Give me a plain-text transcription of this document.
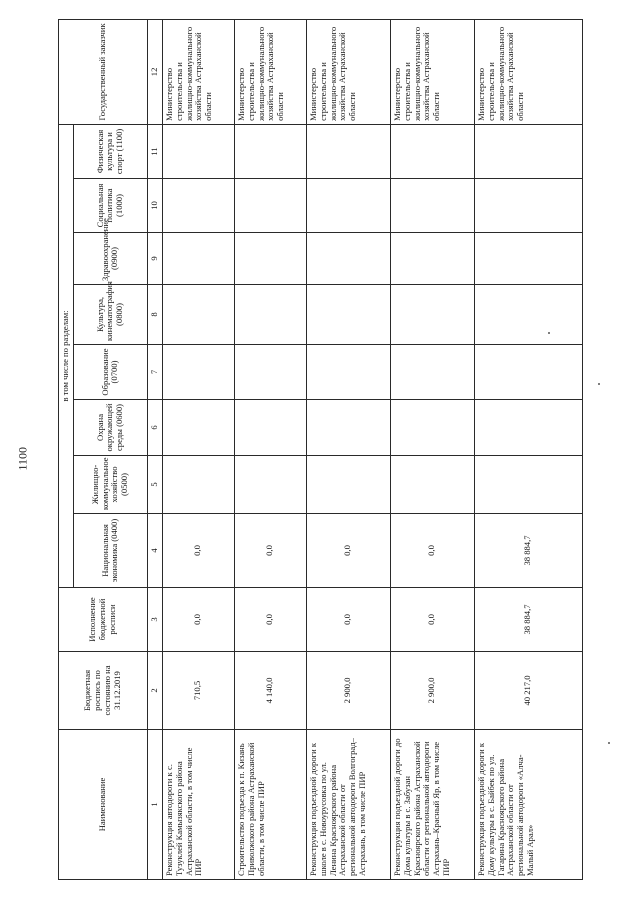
1100
Наименование	Бюджетная роспись по состоянию на 31.12.2019	Исполнение бюджетной росписи	в том числе по разделам:								Государственный заказчик
			Национальная экономика (0400)	Жилищно-коммунальное хозяйство (0500)	Охрана окружающей среды (0600)	Образование (0700)	Культура, кинематография (0800)	Здравоохранение (0900)	Социальная политика (1000)	Физическая культура и спорт (1100)	
1	2	3	4	5	6	7	8	9	10	11	12
Реконструкция автодороги к с. Тузукле́й Камызякского района Астраханской области, в том числе ПИР	710,5	0,0	0,0								Министерство строительства и жилищно-коммунального хозяйства Астраханской области
Строительство подъезда к п. Кизань Приволжского района Астраханской области, в том числе ПИР	4 140,0	0,0	0,0								Министерство строительства и жилищно-коммунального хозяйства Астраханской области
Реконструкция подъездной дороги к школе в с. Новоурусовка по ул. Ленина Красноярского района Астраханской области от региональной автодороги Волгоград–Астрахань, в том числе ПИР	2 900,0	0,0	0,0								Министерство строительства и жилищно-коммунального хозяйства Астраханской области
Реконструкция подъездной дороги до Дома культуры в с. Забузан Красноярского района Астраханской области от региональной автодороги Астрахань–Красный Яр, в том числе ПИР	2 900,0	0,0	0,0								Министерство строительства и жилищно-коммунального хозяйства Астраханской области
Реконструкция подъездной дороги к Дому культуры в с. Байбек по ул. Гагарина Красноярского района Астраханской области от региональной автодороги «Алча-Малый Арал»	40 217,0	38 884,7	38 884,7								Министерство строительства и жилищно-коммунального хозяйства Астраханской области
